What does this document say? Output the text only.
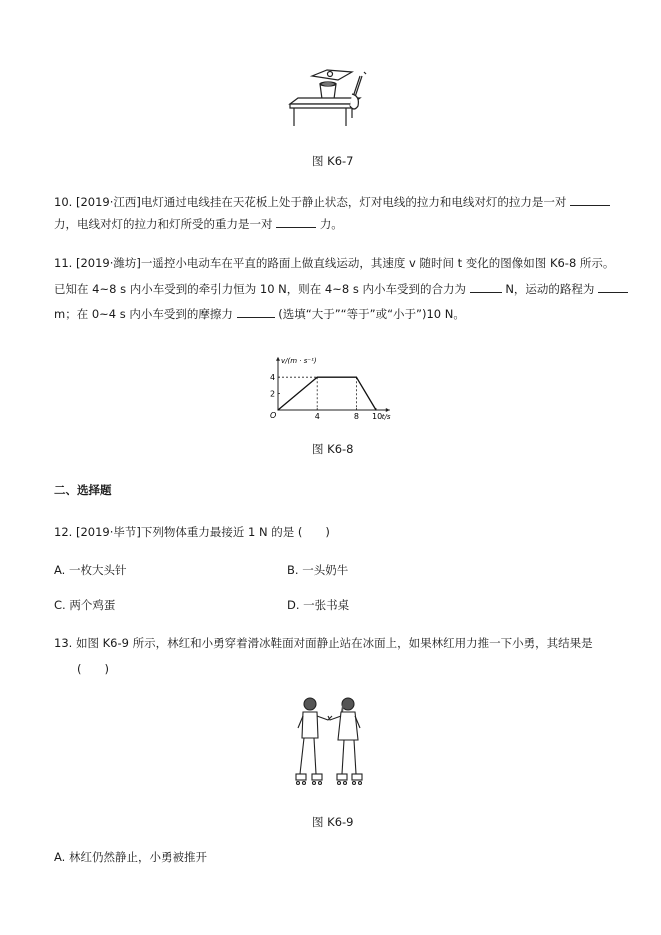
图 K6-7
10. [2019·江西]电灯通过电线挂在天花板上处于静止状态，灯对电线的拉力和电线对灯的拉力是一对
力，电线对灯的拉力和灯所受的重力是一对	力。
11. [2019·潍坊]一遥控小电动车在平直的路面上做直线运动，其速度 v 随时间 t 变化的图像如图 K6-8 所示。
已知在 4~8 s 内小车受到的牵引力恒为 10 N，则在 4~8 s 内小车受到的合力为	N，运动的路程为
m；在 0~4 s 内小车受到的摩擦力	(选填“大于”“等于”或“小于”)10 N。
v/(m · s⁻¹)
t/s
O	4	8 10
2
4
图 K6-8
二、选择题
12. [2019·毕节]下列物体重力最接近 1 N 的是 (　　)
A. 一枚大头针	B. 一头奶牛
C. 两个鸡蛋	D. 一张书桌
13. 如图 K6-9 所示，林红和小勇穿着滑冰鞋面对面静止站在冰面上，如果林红用力推一下小勇，其结果是
(　　)
图 K6-9
A. 林红仍然静止，小勇被推开
